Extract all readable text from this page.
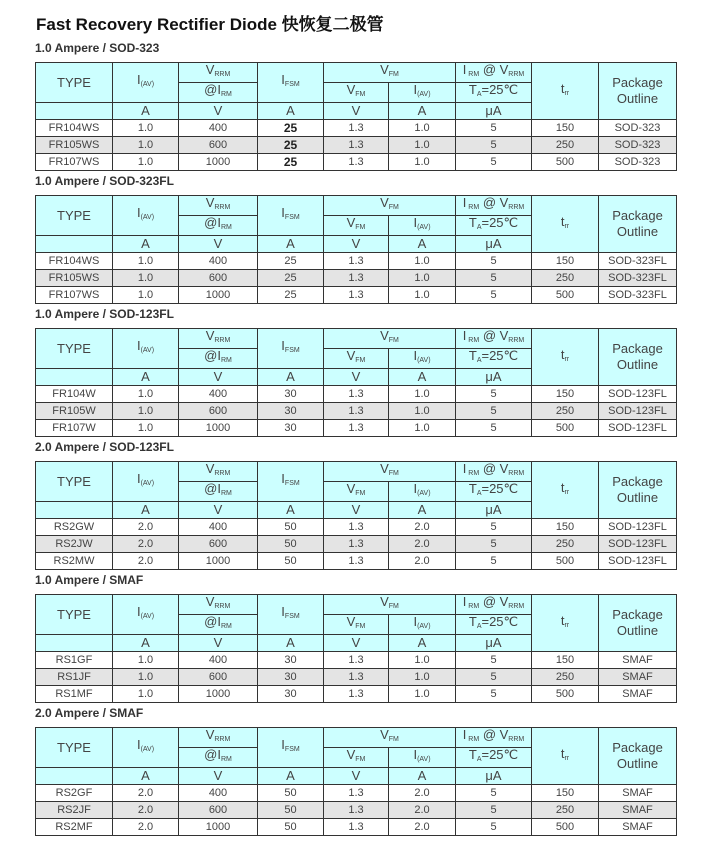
Fast Recovery Rectifier Diode 快恢复二极管
1.0 Ampere / SOD-323
TYPE	$I_{(AV)}$	$V_{RRM}$	$I_{FSM}$	$V_{FM}$		I $_{RM}$ @ $V_{RRM}$	$t_{rr}$	Package Outline
		$@I_{RM}$		$V_{FM}$	$I_{(AV)}$	$T_A=25℃$		
	A	V	A	V	A	μA		
FR104WS	1.0	400	25	1.3	1.0	5	150	SOD-323
FR105WS	1.0	600	25	1.3	1.0	5	250	SOD-323
FR107WS	1.0	1000	25	1.3	1.0	5	500	SOD-323
1.0 Ampere / SOD-323FL
TYPE	$I_{(AV)}$	$V_{RRM}$	$I_{FSM}$	$V_{FM}$		I $_{RM}$ @ $V_{RRM}$	$t_{rr}$	Package Outline
		$@I_{RM}$		$V_{FM}$	$I_{(AV)}$	$T_A=25℃$		
	A	V	A	V	A	μA		
FR104WS	1.0	400	25	1.3	1.0	5	150	SOD-323FL
FR105WS	1.0	600	25	1.3	1.0	5	250	SOD-323FL
FR107WS	1.0	1000	25	1.3	1.0	5	500	SOD-323FL
1.0 Ampere / SOD-123FL
TYPE	$I_{(AV)}$	$V_{RRM}$	$I_{FSM}$	$V_{FM}$		I $_{RM}$ @ $V_{RRM}$	$t_{rr}$	Package Outline
		$@I_{RM}$		$V_{FM}$	$I_{(AV)}$	$T_A=25℃$		
	A	V	A	V	A	μA		
FR104W	1.0	400	30	1.3	1.0	5	150	SOD-123FL
FR105W	1.0	600	30	1.3	1.0	5	250	SOD-123FL
FR107W	1.0	1000	30	1.3	1.0	5	500	SOD-123FL
2.0 Ampere / SOD-123FL
TYPE	$I_{(AV)}$	$V_{RRM}$	$I_{FSM}$	$V_{FM}$		I $_{RM}$ @ $V_{RRM}$	$t_{rr}$	Package Outline
		$@I_{RM}$		$V_{FM}$	$I_{(AV)}$	$T_A=25℃$		
	A	V	A	V	A	μA		
RS2GW	2.0	400	50	1.3	2.0	5	150	SOD-123FL
RS2JW	2.0	600	50	1.3	2.0	5	250	SOD-123FL
RS2MW	2.0	1000	50	1.3	2.0	5	500	SOD-123FL
1.0 Ampere / SMAF
TYPE	$I_{(AV)}$	$V_{RRM}$	$I_{FSM}$	$V_{FM}$		I $_{RM}$ @ $V_{RRM}$	$t_{rr}$	Package Outline
		$@I_{RM}$		$V_{FM}$	$I_{(AV)}$	$T_A=25℃$		
	A	V	A	V	A	μA		
RS1GF	1.0	400	30	1.3	1.0	5	150	SMAF
RS1JF	1.0	600	30	1.3	1.0	5	250	SMAF
RS1MF	1.0	1000	30	1.3	1.0	5	500	SMAF
2.0 Ampere / SMAF
TYPE	$I_{(AV)}$	$V_{RRM}$	$I_{FSM}$	$V_{FM}$		I $_{RM}$ @ $V_{RRM}$	$t_{rr}$	Package Outline
		$@I_{RM}$		$V_{FM}$	$I_{(AV)}$	$T_A=25℃$		
	A	V	A	V	A	μA		
RS2GF	2.0	400	50	1.3	2.0	5	150	SMAF
RS2JF	2.0	600	50	1.3	2.0	5	250	SMAF
RS2MF	2.0	1000	50	1.3	2.0	5	500	SMAF
